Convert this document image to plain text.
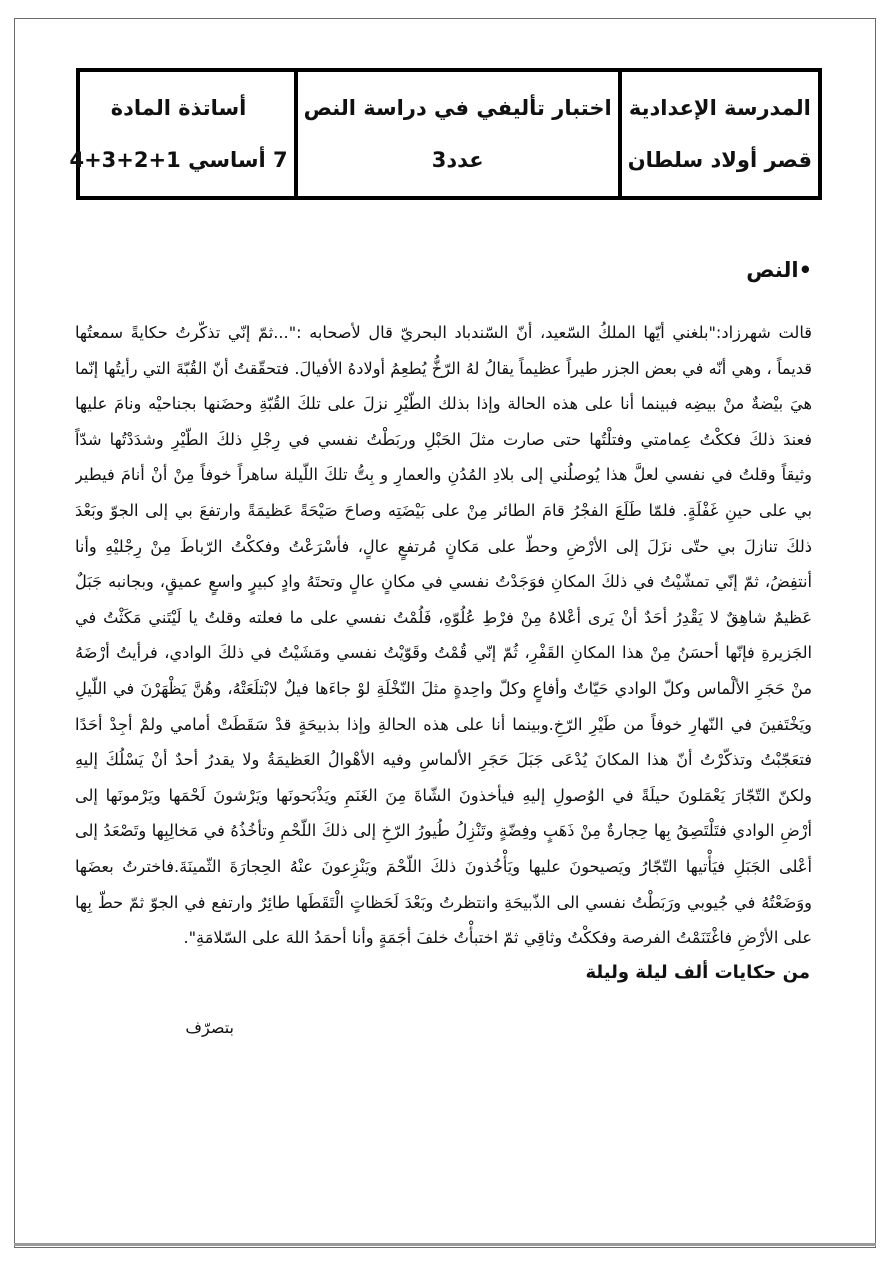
المدرسة الإعدادية
قصر أولاد سلطان
اختبار تأليفي في دراسة النص
عدد3
أساتذة المادة
7 أساسي 1+2+3+4
•النص
قالت شهرزاد:"بلغني أيّها الملكُ السّعيد، أنّ السّندباد البحريّ قال لأصحابه :"...ثمّ إنّي تذكّرتُ حكايةً سمعتُها
قديماً ، وهي أنّه في بعض الجزر طيراً عظيماً يقالُ لهُ الرّخُّ يُطعِمُ أولادهُ الأفيالَ. فتحقّقتُ أنّ القُبّةَ التي رأيتُها إنّما
هيَ بيْضةٌ منْ بيضِه فبينما أنا على هذه الحالة وإذا بذلك الطّيْرِ نزلَ على تلكَ القُبّةِ وحضَنها بجناحيْه ونامَ عليها
فعندَ ذلكَ فككْتُ عِمامتي وفتلْتُها حتى صارت مثلَ الحَبْلِ وربَطْتُ نفسي في رِجْلِ ذلكَ الطّيْرِ وشدَدْتُها شدّاً
وثيقاً وقلتُ في نفسي لعلَّ هذا يُوصلُني إلى بلادِ المُدُنِ والعمارِ و بِتُّ تلكَ اللّيلة ساهراً خوفاً مِنْ أنْ أنامَ فيطير
بي على حينِ غَفْلَةٍ. فلمّا طَلَعَ الفجْرُ قامَ الطائر مِنْ على بَيْضَتِه وصاحَ صَيْحَةً عَظيمَةً وارتفعَ بي إلى الجوّ وبَعْدَ
ذلكَ تنازلَ بي حتّى نزَلَ إلى الأرْضِ وحطّ على مَكانٍ مُرتفعٍ عالٍ، فأسْرَعْتُ وفككْتُ الرّباطَ مِنْ رِجْليْهِ وأنا
أنتفِضُ، ثمّ إنّي تمشّيْتُ في ذلكَ المكانِ فوَجَدْتُ نفسي في مكانٍ عالٍ وتحتَهُ وادٍ كبيرٍ واسعٍ عميقٍ، وبجانبه جَبَلٌ
عَظيمٌ شاهِقٌ لا يَقْدِرُ أحَدٌ أنْ يَرى أعْلاهُ مِنْ فرْطِ عُلُوّهِ، فَلُمْتُ نفسي على ما فعلته وقلتُ يا لَيْتَني مَكَثْتُ في
الجَزيرةِ فإنّها أحسَنُ مِنْ هذا المكانِ القَفْرِ، ثُمّ إنّي قُمْتُ وقَوّيْتُ نفسي ومَشَيْتُ في ذلكَ الوادي، فرأيتُ أرْضَهُ
منْ حَجَرِ الألْماس وكلّ الوادي حَيّاتٌ وأفاعٍ وكلّ واحِدةٍ مثلَ النّخْلَةِ لوْ جاءَها فيلٌ لابْتلَعَتْهُ، وهُنَّ يَظْهَرْنَ في اللّيلِ
ويَخْتَفينَ في النّهارِ خوفاً من طَيْرِ الرّخِ.وبينما أنا على هذه الحالةِ وإذا بذبيحَةٍ قدْ سَقَطَتْ أمامي ولمْ أجِدْ أحَدًا
فتعَجّبْتُ وتذكّرْتُ أنّ هذا المكانَ يُدْعَى جَبَلَ حَجَرِ الألماسِ وفيه الأهْوالُ العَظيمَةُ ولا يقدرُ أحدٌ أنْ يَسْلُكَ إليهِ
ولكنّ التّجّارَ يَعْمَلونَ حيلَةً في الوُصولِ إليهِ فيأخذونَ الشّاةَ مِنَ الغَنَمِ ويَذْبَحونَها ويَرْشونَ لَحْمَها ويَرْمونَها إلى
أرْضِ الوادي فتَلْتَصِقُ بِها حِجارةٌ مِنْ ذَهَبٍ وفِضّةٍ وتَنْزِلُ طُيورُ الرّخِ إلى ذلكَ اللّحْمِ وتأخُذُهُ في مَخالِبِها وتَصْعَدُ إلى
أعْلى الجَبَلِ فيَأْتيها التّجّارُ ويَصيحونَ عليها ويَأْخُذونَ ذلكَ اللّحْمَ ويَنْزِعونَ عنْهُ الحِجارَةَ الثّمينَةَ.فاخترتُ بعضَها
ووَضَعْتُهُ في جُيوبي ورَبَطْتُ نفسي الى الذّبيحَةِ وانتظرتُ وبَعْدَ لَحَظاتٍ الْتَقَطَها طائِرٌ وارتفع في الجوّ ثمّ حطّ بِها
على الأرْضِ فاغْتَنَمْتُ الفرصة وفككْتُ وثاقِي ثمّ اختبأْتُ خلفَ أجَمَةٍ وأنا أحمَدُ اللهَ على السّلامَةِ".
من حكايات ألف ليلة وليلة
بتصرّف
